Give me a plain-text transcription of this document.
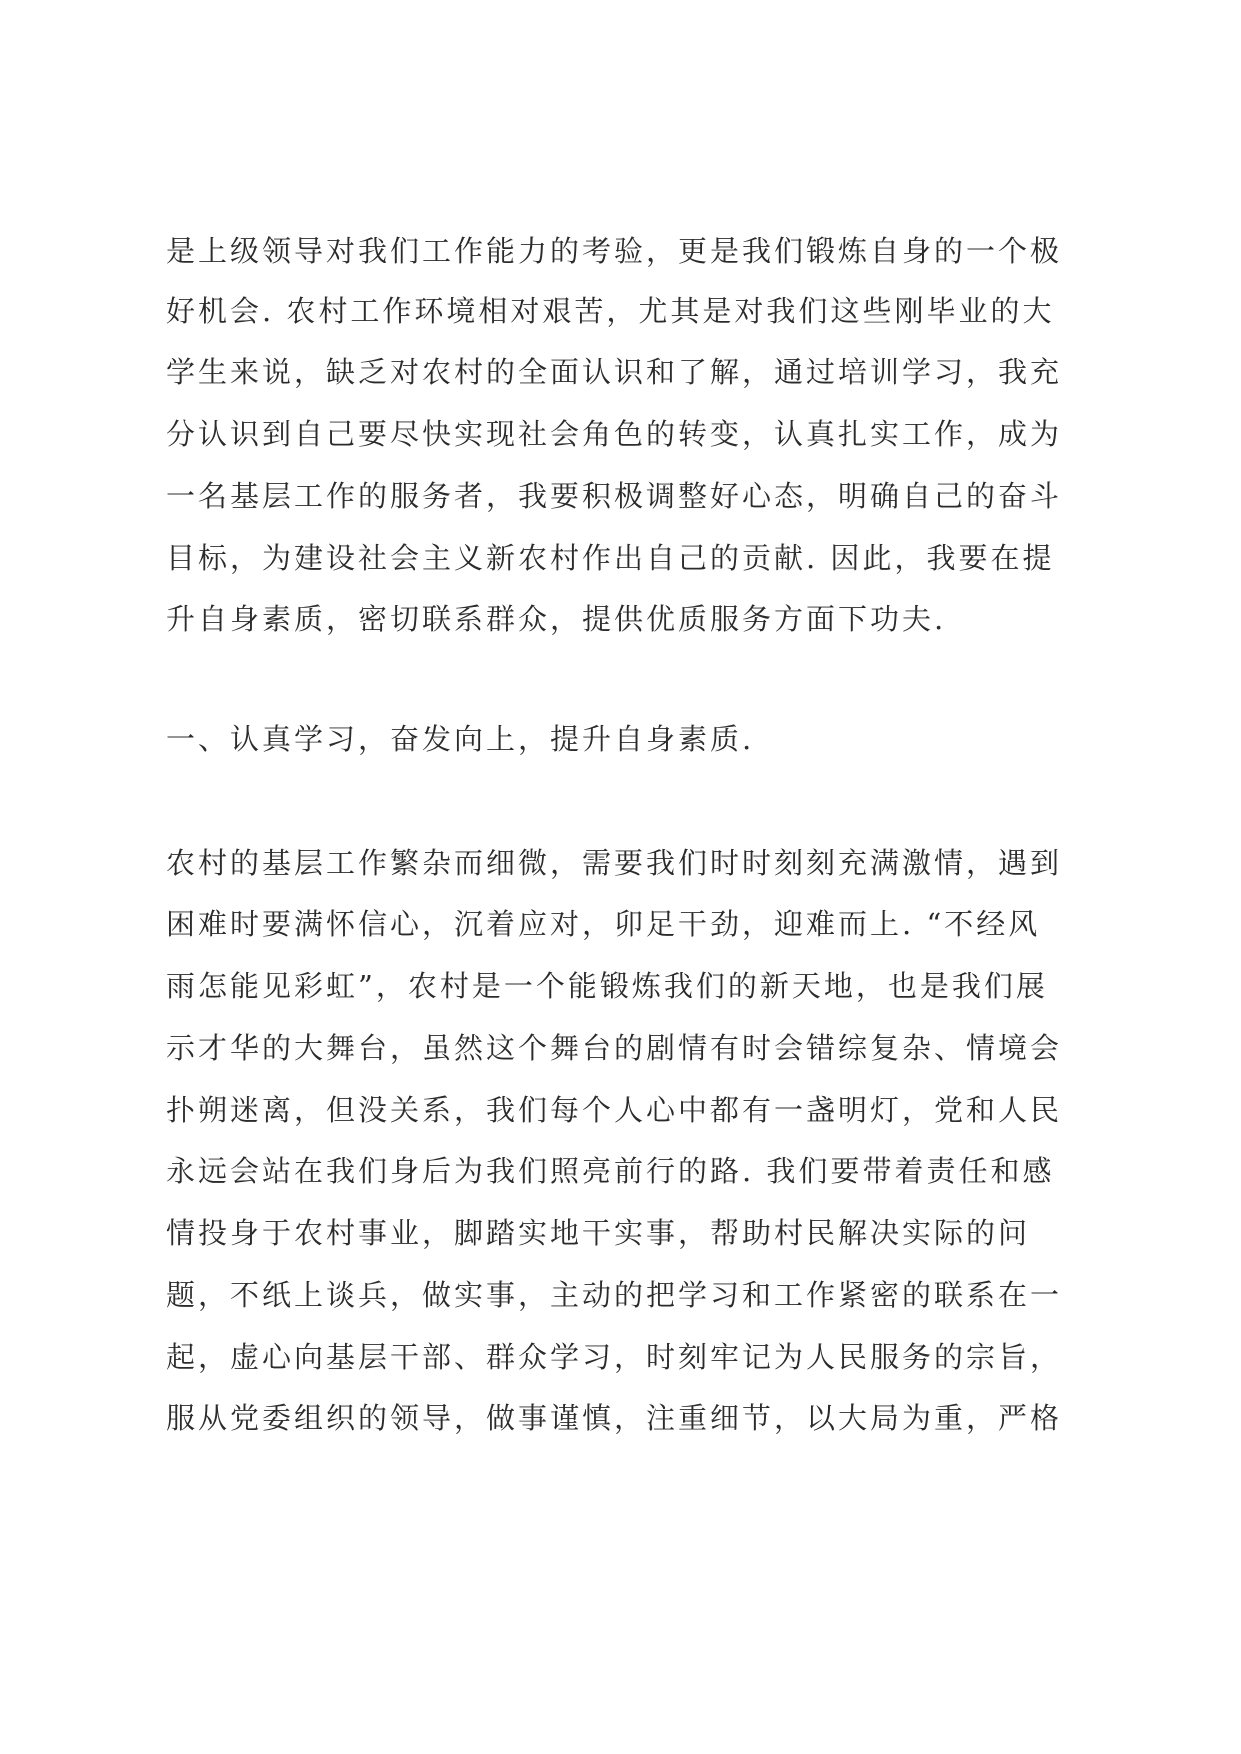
是上级领导对我们工作能力的考验，更是我们锻炼自身的一个极
好机会. 农村工作环境相对艰苦，尤其是对我们这些刚毕业的大
学生来说，缺乏对农村的全面认识和了解，通过培训学习，我充
分认识到自己要尽快实现社会角色的转变，认真扎实工作，成为
一名基层工作的服务者，我要积极调整好心态，明确自己的奋斗
目标，为建设社会主义新农村作出自己的贡献. 因此，我要在提
升自身素质，密切联系群众，提供优质服务方面下功夫.
一、认真学习，奋发向上，提升自身素质.
农村的基层工作繁杂而细微，需要我们时时刻刻充满激情，遇到
困难时要满怀信心，沉着应对，卯足干劲，迎难而上. “不经风
雨怎能见彩虹”，农村是一个能锻炼我们的新天地，也是我们展
示才华的大舞台，虽然这个舞台的剧情有时会错综复杂、情境会
扑朔迷离，但没关系，我们每个人心中都有一盏明灯，党和人民
永远会站在我们身后为我们照亮前行的路. 我们要带着责任和感
情投身于农村事业，脚踏实地干实事，帮助村民解决实际的问
题，不纸上谈兵，做实事，主动的把学习和工作紧密的联系在一
起，虚心向基层干部、群众学习，时刻牢记为人民服务的宗旨，
服从党委组织的领导，做事谨慎，注重细节，以大局为重，严格
